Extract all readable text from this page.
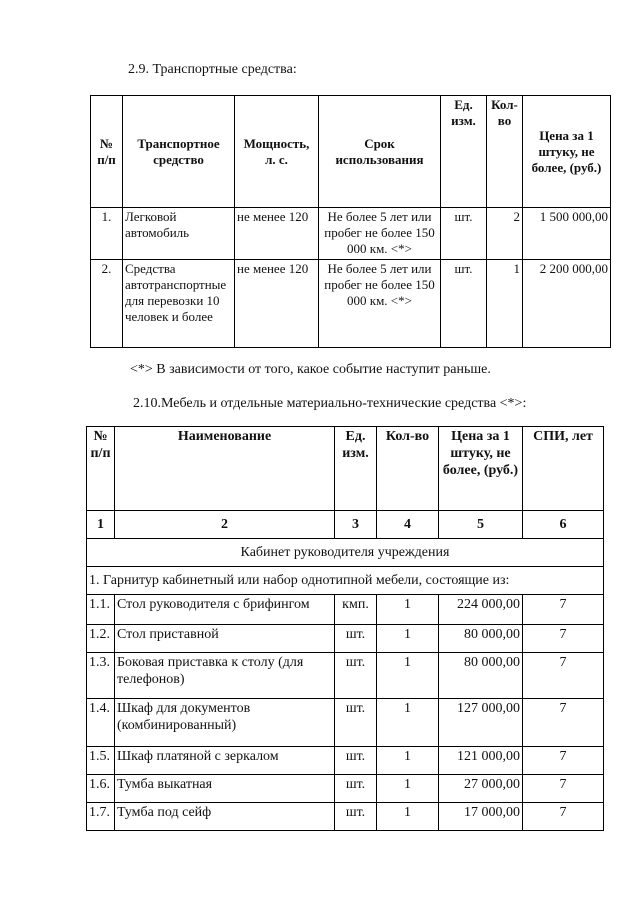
2.9. Транспортные средства:
№ п/п	Транспортное средство	Мощность, л. с.	Срок использования	Ед. изм.	Кол-во	Цена за 1 штуку, не более, (руб.)
1.	Легковой автомобиль	не менее 120	Не более 5 лет или пробег не более 150 000 км. <*>	шт.	2	1 500 000,00
2.	Средства автотранспортные для перевозки 10 человек и более	не менее 120	Не более 5 лет или пробег не более 150 000 км. <*>	шт.	1	2 200 000,00
<*> В зависимости от того, какое событие наступит раньше.
2.10.Мебель и отдельные материально-технические средства <*>:
№ п/п	Наименование	Ед. изм.	Кол-во	Цена за 1 штуку, не более, (руб.)	СПИ, лет
1	2	3	4	5	6
Кабинет руководителя учреждения					
1. Гарнитур кабинетный или набор однотипной мебели, состоящие из:					
1.1.	Стол руководителя с брифингом	кмп.	1	224 000,00	7
1.2.	Стол приставной	шт.	1	80 000,00	7
1.3.	Боковая приставка к столу (для телефонов)	шт.	1	80 000,00	7
1.4.	Шкаф для документов (комбинированный)	шт.	1	127 000,00	7
1.5.	Шкаф платяной с зеркалом	шт.	1	121 000,00	7
1.6.	Тумба выкатная	шт.	1	27 000,00	7
1.7.	Тумба под сейф	шт.	1	17 000,00	7
